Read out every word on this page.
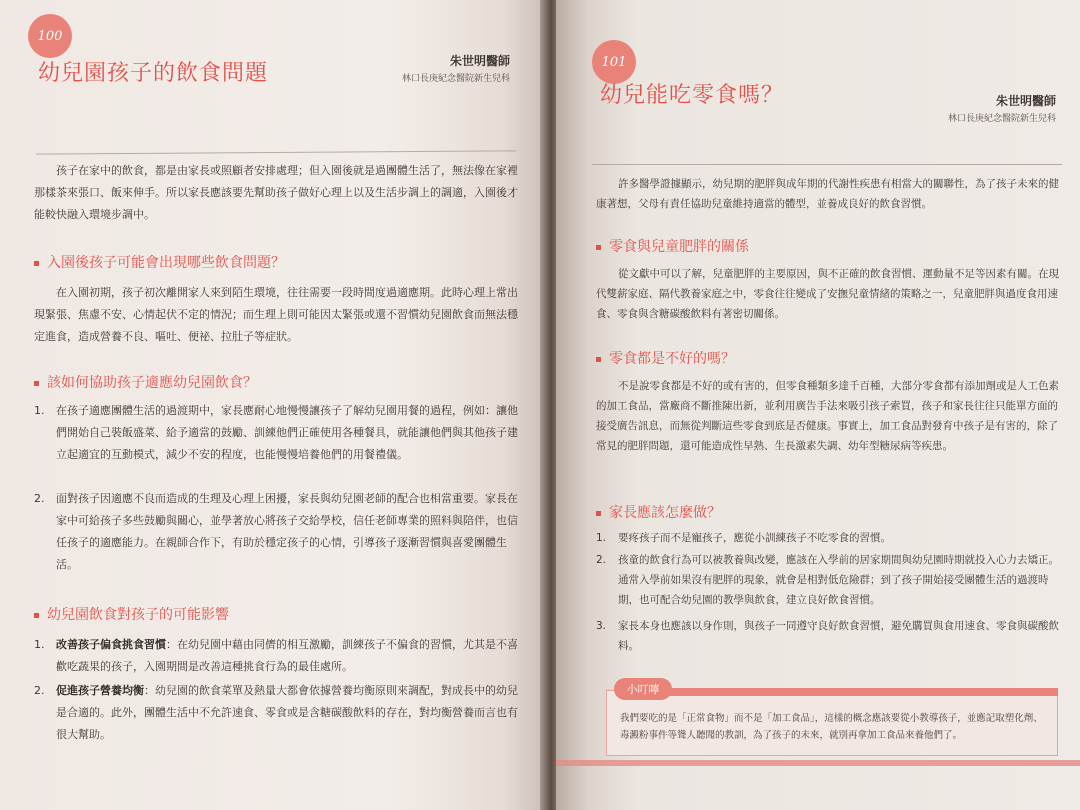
100
幼兒園孩子的飲食問題	朱世明醫師
林口長庚紀念醫院新生兒科
孩子在家中的飲食，都是由家長或照顧者安排處理；但入園後就是過團體生活了，無法像在家裡那樣茶來張口、飯來伸手。所以家長應該要先幫助孩子做好心理上以及生活步調上的調適，入園後才能較快融入環境步調中。
入園後孩子可能會出現哪些飲食問題？
在入園初期，孩子初次離開家人來到陌生環境，往往需要一段時間度過適應期。此時心理上常出現緊張、焦慮不安、心情起伏不定的情況；而生理上則可能因太緊張或還不習慣幼兒園飲食而無法穩定進食，造成營養不良、嘔吐、便祕、拉肚子等症狀。
該如何協助孩子適應幼兒園飲食？
1. 在孩子適應團體生活的過渡期中，家長應耐心地慢慢讓孩子了解幼兒園用餐的過程，例如：讓他們開始自己裝飯盛菜、給予適當的鼓勵、訓練他們正確使用各種餐具，就能讓他們與其他孩子建立起適宜的互動模式，減少不安的程度，也能慢慢培養他們的用餐禮儀。
2. 面對孩子因適應不良而造成的生理及心理上困擾，家長與幼兒園老師的配合也相當重要。家長在家中可給孩子多些鼓勵與關心，並學著放心將孩子交給學校，信任老師專業的照料與陪伴，也信任孩子的適應能力。在親師合作下，有助於穩定孩子的心情，引導孩子逐漸習慣與喜愛團體生活。
幼兒園飲食對孩子的可能影響
1. 改善孩子偏食挑食習慣：在幼兒園中藉由同儕的相互激勵，訓練孩子不偏食的習慣，尤其是不喜歡吃蔬果的孩子，入園期間是改善這種挑食行為的最佳處所。
2. 促進孩子營養均衡：幼兒園的飲食菜單及熱量大都會依據營養均衡原則來調配，對成長中的幼兒是合適的。此外，團體生活中不允許速食、零食或是含糖碳酸飲料的存在，對均衡營養而言也有很大幫助。
101
幼兒能吃零食嗎？	朱世明醫師
林口長庚紀念醫院新生兒科
許多醫學證據顯示，幼兒期的肥胖與成年期的代謝性疾患有相當大的關聯性，為了孩子未來的健康著想，父母有責任協助兒童維持適當的體型，並養成良好的飲食習慣。
零食與兒童肥胖的關係
從文獻中可以了解，兒童肥胖的主要原因，與不正確的飲食習慣、運動量不足等因素有關。在現代雙薪家庭、隔代教養家庭之中，零食往往變成了安撫兒童情緒的策略之一，兒童肥胖與過度食用速食、零食與含糖碳酸飲料有著密切關係。
零食都是不好的嗎？
不是說零食都是不好的或有害的，但零食種類多達千百種，大部分零食都有添加劑或是人工色素的加工食品，當廠商不斷推陳出新，並利用廣告手法來吸引孩子索買，孩子和家長往往只能單方面的接受廣告訊息，而無從判斷這些零食到底是否健康。事實上，加工食品對發育中孩子是有害的，除了常見的肥胖問題，還可能造成性早熟、生長激素失調、幼年型糖尿病等疾患。
家長應該怎麼做？
1. 要疼孩子而不是寵孩子，應從小訓練孩子不吃零食的習慣。
2. 孩童的飲食行為可以被教養與改變，應該在入學前的居家期間與幼兒園時期就投入心力去矯正。通常入學前如果沒有肥胖的現象，就會是相對低危險群；到了孩子開始接受團體生活的過渡時期，也可配合幼兒園的教學與飲食，建立良好飲食習慣。
3. 家長本身也應該以身作則，與孩子一同遵守良好飲食習慣，避免購買與食用速食、零食與碳酸飲料。
小叮嚀
我們要吃的是「正常食物」而不是「加工食品」，這樣的概念應該要從小教導孩子，並應記取塑化劑、毒澱粉事件等聳人聽聞的教訓，為了孩子的未來，就別再拿加工食品來養他們了。
